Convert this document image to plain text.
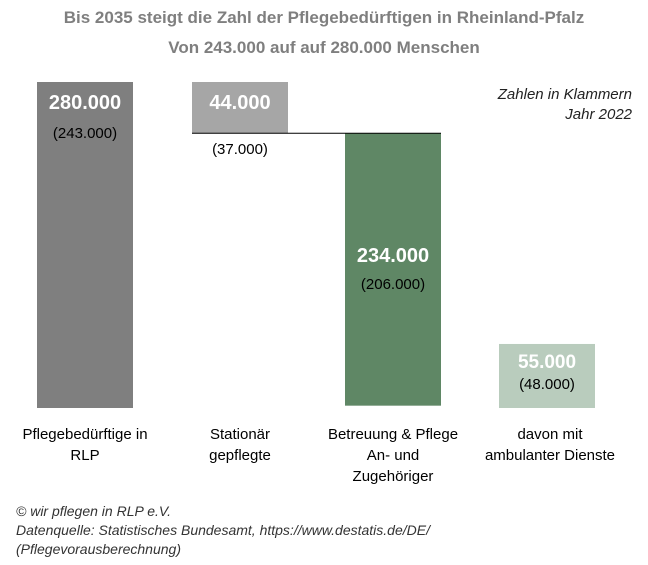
Bis 2035 steigt die Zahl der Pflegebedürftigen in Rheinland-Pfalz
Von 243.000 auf auf 280.000 Menschen
Zahlen in Klammern
Jahr 2022
280.000
(243.000)
44.000
(37.000)
234.000
(206.000)
55.000
(48.000)
Pflegebedürftige in
RLP
Stationär
gepflegte
Betreuung & Pflege
An- und
Zugehöriger
davon mit
ambulanter Dienste
© wir pflegen in RLP e.V.
Datenquelle: Statistisches Bundesamt, https://www.destatis.de/DE/
(Pflegevorausberechnung)
